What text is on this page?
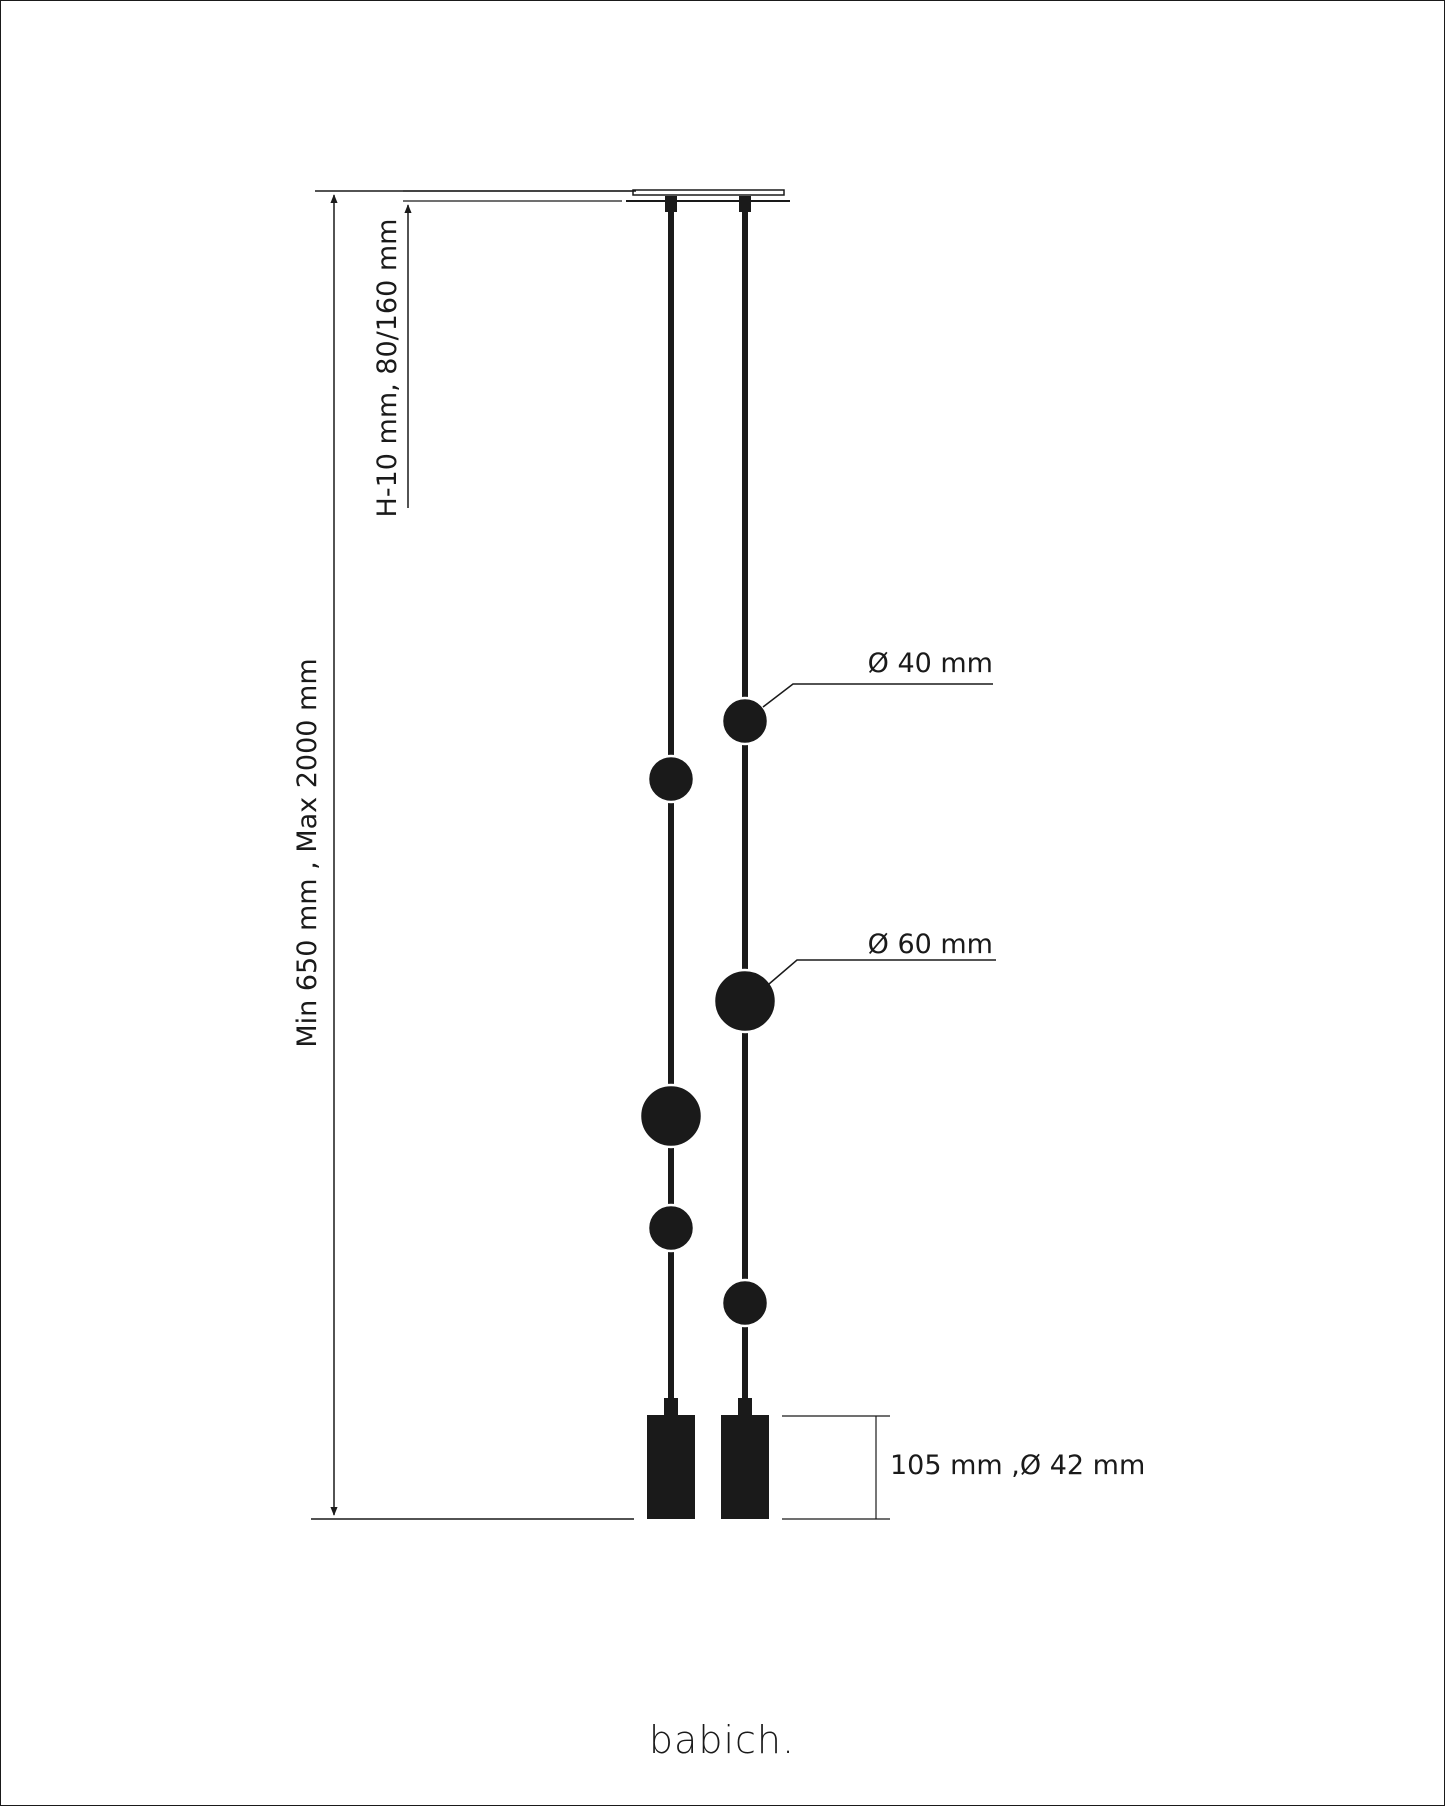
Min 650 mm , Max 2000 mm
H-10 mm, 80/160 mm
Ø 40 mm
Ø 60 mm
105 mm ,Ø 42 mm
babich.
